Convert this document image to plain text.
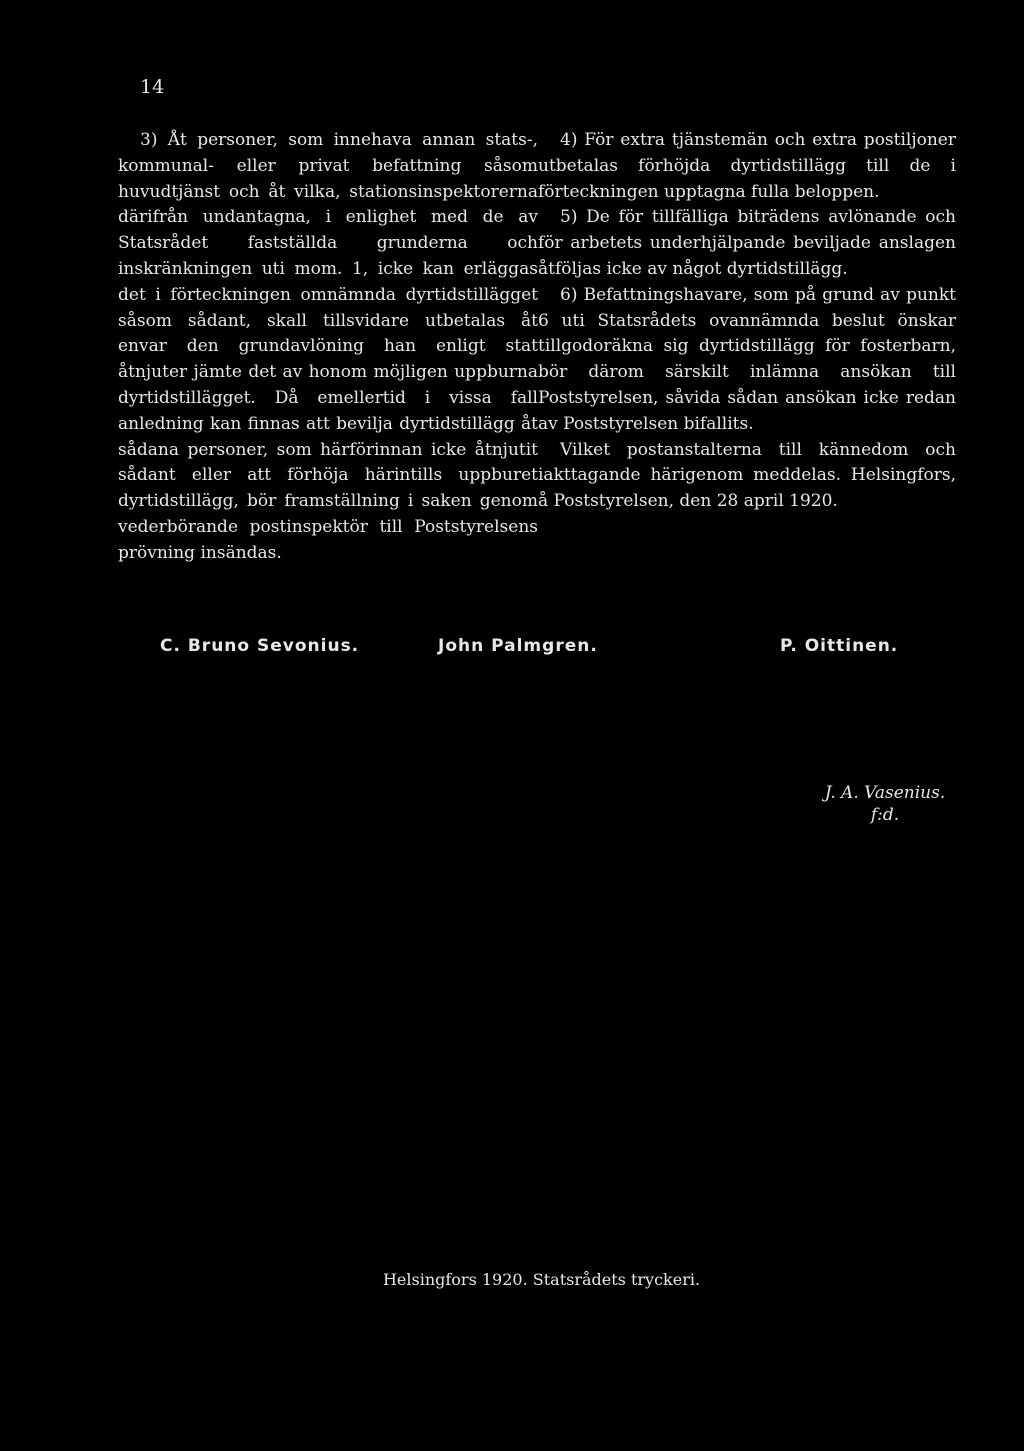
14

3) Åt personer, som innehava annan stats-, kommunal- eller privat befattning såsom huvudtjänst och åt vilka, stationsinspektorerna därifrån undantagna, i enlighet med de av Statsrådet fastställda grunderna och inskränkningen uti mom. 1, icke kan erläggas det i förteckningen omnämnda dyrtidstillägget såsom sådant, skall tillsvidare utbetalas åt envar den grundavlöning han enligt stat åtnjuter jämte det av honom möjligen uppburna dyrtidstillägget. Då emellertid i vissa fall anledning kan finnas att bevilja dyrtidstillägg åt sådana personer, som härförinnan icke åtnjutit sådant eller att förhöja härintills uppburet dyrtidstillägg, bör framställning i saken genom vederbörande postinspektör till Poststyrelsens prövning insändas.

4) För extra tjänstemän och extra postiljoner utbetalas förhöjda dyrtidstillägg till de i förteckningen upptagna fulla beloppen.

5) De för tillfälliga biträdens avlönande och för arbetets underhjälpande beviljade anslagen åtföljas icke av något dyrtidstillägg.

6) Befattningshavare, som på grund av punkt 6 uti Statsrådets ovannämnda beslut önskar tillgodoräkna sig dyrtidstillägg för fosterbarn, bör därom särskilt inlämna ansökan till Poststyrelsen, såvida sådan ansökan icke redan av Poststyrelsen bifallits.

Vilket postanstalterna till kännedom och iakttagande härigenom meddelas. Helsingfors, å Poststyrelsen, den 28 april 1920.

C. Bruno Sevonius.	John Palmgren.	P. Oittinen.
J. A. Vasenius.
f:d.
Helsingfors 1920. Statsrådets tryckeri.
